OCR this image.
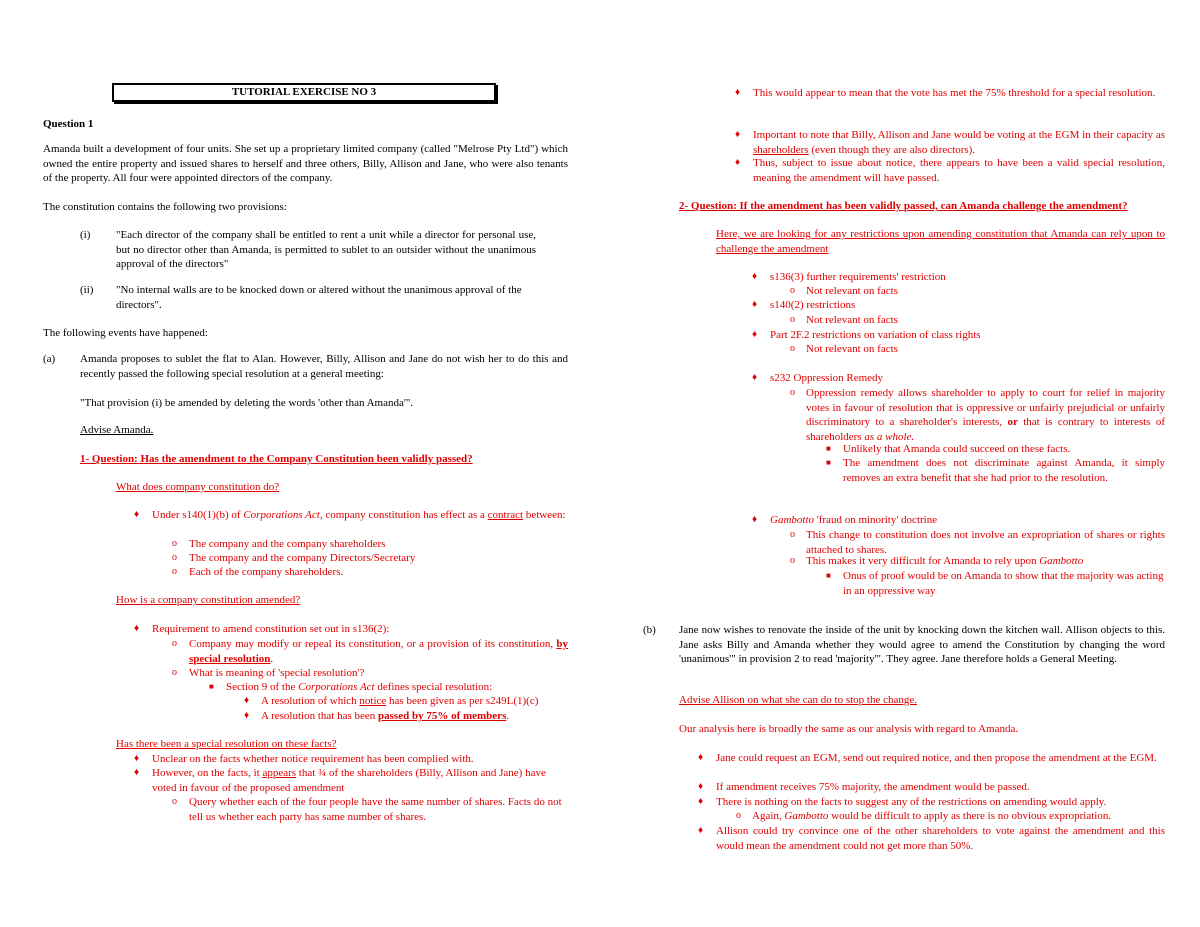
TUTORIAL EXERCISE NO 3
Question 1
Amanda built a development of four units. She set up a proprietary limited company (called "Melrose Pty Ltd") which owned the entire property and issued shares to herself and three others, Billy, Allison and Jane, who were also tenants of the property. All four were appointed directors of the company.
The constitution contains the following two provisions:
(i) "Each director of the company shall be entitled to rent a unit while a director for personal use, but no director other than Amanda, is permitted to sublet to an outsider without the unanimous approval of the directors"
(ii) "No internal walls are to be knocked down or altered without the unanimous approval of the directors".
The following events have happened:
(a) Amanda proposes to sublet the flat to Alan. However, Billy, Allison and Jane do not wish her to do this and recently passed the following special resolution at a general meeting:
"That provision (i) be amended by deleting the words 'other than Amanda'".
Advise Amanda.
1- Question: Has the amendment to the Company Constitution been validly passed?
What does company constitution do?
♦ Under s140(1)(b) of Corporations Act, company constitution has effect as a contract between:
o The company and the company shareholders
o The company and the company Directors/Secretary
o Each of the company shareholders.
How is a company constitution amended?
♦ Requirement to amend constitution set out in s136(2):
o Company may modify or repeal its constitution, or a provision of its constitution, by special resolution.
o What is meaning of 'special resolution'?
■ Section 9 of the Corporations Act defines special resolution:
♦ A resolution of which notice has been given as per s249L(1)(c)
♦ A resolution that has been passed by 75% of members.
Has there been a special resolution on these facts?
♦ Unclear on the facts whether notice requirement has been complied with.
♦ However, on the facts, it appears that ¾ of the shareholders (Billy, Allison and Jane) have voted in favour of the proposed amendment
o Query whether each of the four people have the same number of shares. Facts do not tell us whether each party has same number of shares.
♦ This would appear to mean that the vote has met the 75% threshold for a special resolution.
♦ Important to note that Billy, Allison and Jane would be voting at the EGM in their capacity as shareholders (even though they are also directors).
♦ Thus, subject to issue about notice, there appears to have been a valid special resolution, meaning the amendment will have passed.
2- Question: If the amendment has been validly passed, can Amanda challenge the amendment?
Here, we are looking for any restrictions upon amending constitution that Amanda can rely upon to challenge the amendment
♦ s136(3) further requirements' restriction
o Not relevant on facts
♦ s140(2) restrictions
o Not relevant on facts
♦ Part 2F.2 restrictions on variation of class rights
o Not relevant on facts
♦ s232 Oppression Remedy
o Oppression remedy allows shareholder to apply to court for relief in majority votes in favour of resolution that is oppressive or unfairly prejudicial or unfairly discriminatory to a shareholder's interests, or that is contrary to interests of shareholders as a whole.
■ Unlikely that Amanda could succeed on these facts.
■ The amendment does not discriminate against Amanda, it simply removes an extra benefit that she had prior to the resolution.
♦ Gambotto 'fraud on minority' doctrine
o This change to constitution does not involve an expropriation of shares or rights attached to shares.
o This makes it very difficult for Amanda to rely upon Gambotto
■ Onus of proof would be on Amanda to show that the majority was acting in an oppressive way
(b) Jane now wishes to renovate the inside of the unit by knocking down the kitchen wall. Allison objects to this. Jane asks Billy and Amanda whether they would agree to amend the Constitution by changing the word 'unanimous'" in provision 2 to read 'majority'". They agree. Jane therefore holds a General Meeting.
Advise Allison on what she can do to stop the change.
Our analysis here is broadly the same as our analysis with regard to Amanda.
♦ Jane could request an EGM, send out required notice, and then propose the amendment at the EGM.
♦ If amendment receives 75% majority, the amendment would be passed.
♦ There is nothing on the facts to suggest any of the restrictions on amending would apply.
o Again, Gambotto would be difficult to apply as there is no obvious expropriation.
♦ Allison could try convince one of the other shareholders to vote against the amendment and this would mean the amendment could not get more than 50%.
